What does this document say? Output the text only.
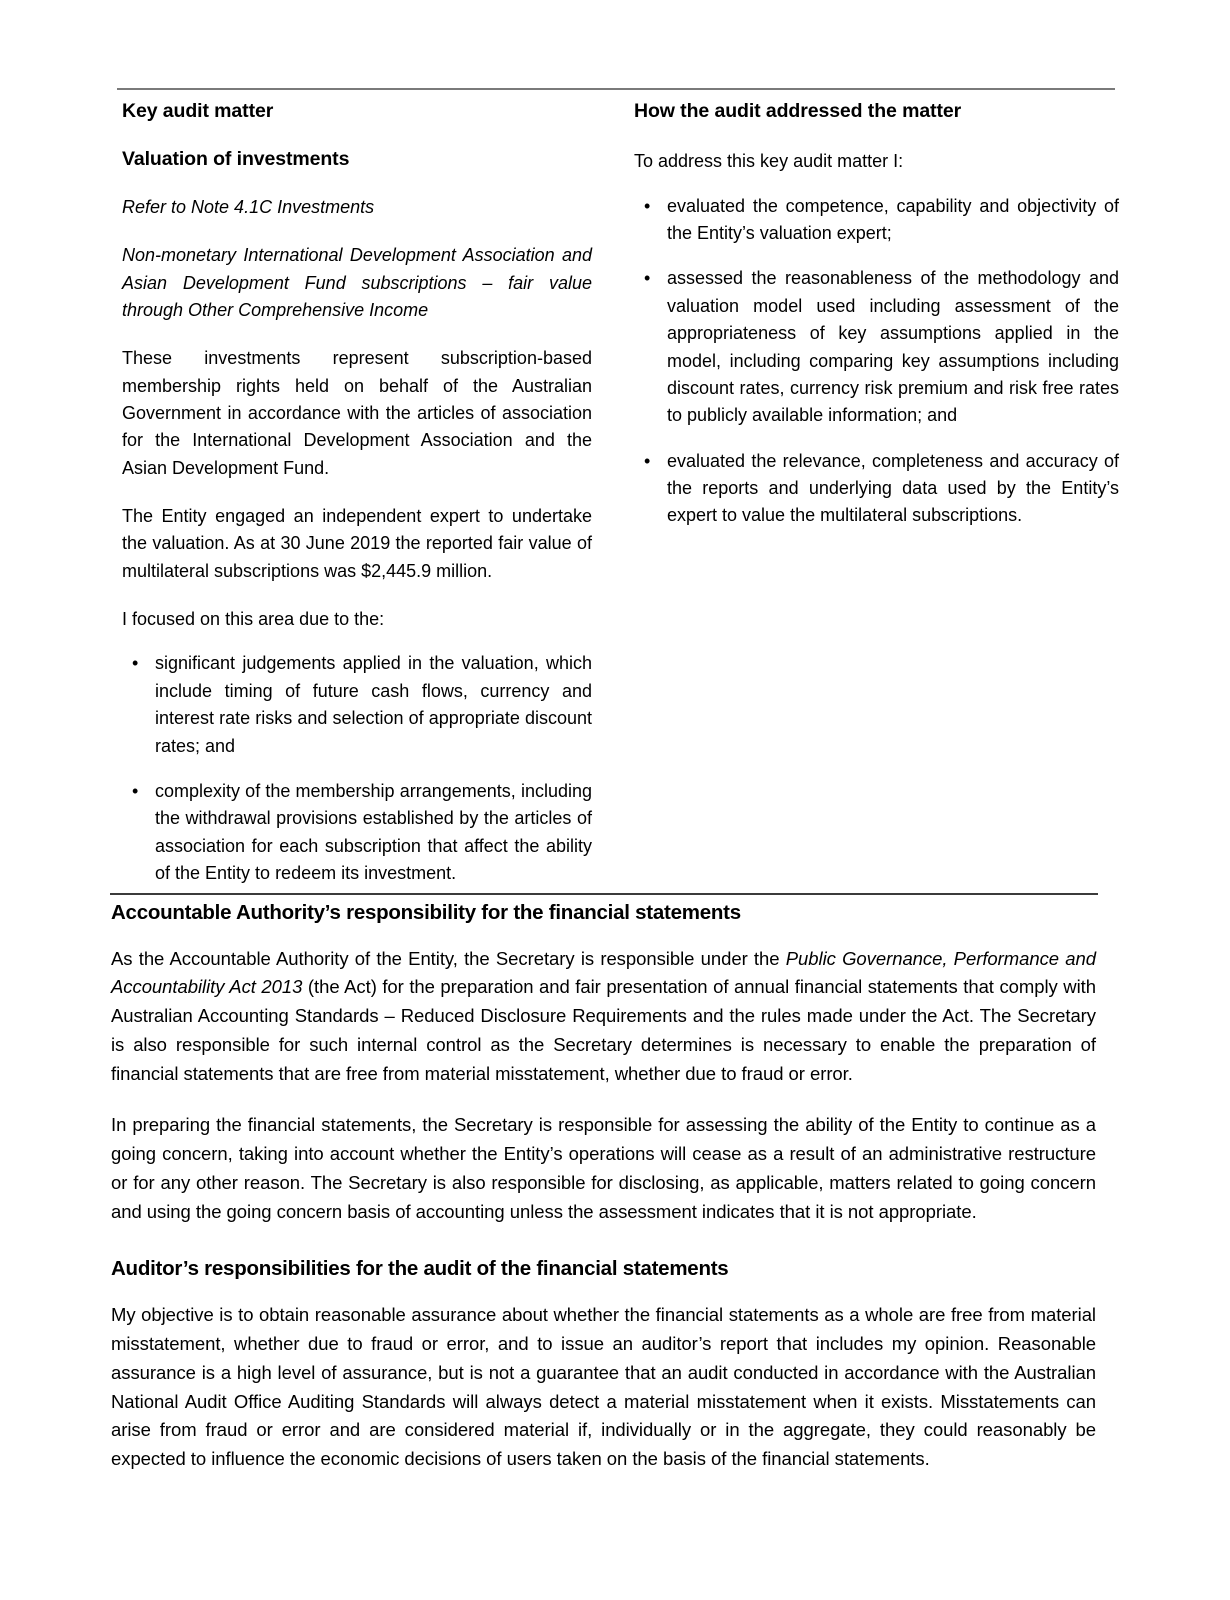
Key audit matter
Valuation of investments

Refer to Note 4.1C Investments

Non-monetary International Development Association and Asian Development Fund subscriptions – fair value through Other Comprehensive Income

These investments represent subscription-based membership rights held on behalf of the Australian Government in accordance with the articles of association for the International Development Association and the Asian Development Fund.

The Entity engaged an independent expert to undertake the valuation. As at 30 June 2019 the reported fair value of multilateral subscriptions was $2,445.9 million.

I focused on this area due to the:

• significant judgements applied in the valuation, which include timing of future cash flows, currency and interest rate risks and selection of appropriate discount rates; and
• complexity of the membership arrangements, including the withdrawal provisions established by the articles of association for each subscription that affect the ability of the Entity to redeem its investment.
How the audit addressed the matter

To address this key audit matter I:

• evaluated the competence, capability and objectivity of the Entity’s valuation expert;
• assessed the reasonableness of the methodology and valuation model used including assessment of the appropriateness of key assumptions applied in the model, including comparing key assumptions including discount rates, currency risk premium and risk free rates to publicly available information; and
• evaluated the relevance, completeness and accuracy of the reports and underlying data used by the Entity’s expert to value the multilateral subscriptions.
Accountable Authority’s responsibility for the financial statements

As the Accountable Authority of the Entity, the Secretary is responsible under the Public Governance, Performance and Accountability Act 2013 (the Act) for the preparation and fair presentation of annual financial statements that comply with Australian Accounting Standards – Reduced Disclosure Requirements and the rules made under the Act. The Secretary is also responsible for such internal control as the Secretary determines is necessary to enable the preparation of financial statements that are free from material misstatement, whether due to fraud or error.

In preparing the financial statements, the Secretary is responsible for assessing the ability of the Entity to continue as a going concern, taking into account whether the Entity’s operations will cease as a result of an administrative restructure or for any other reason. The Secretary is also responsible for disclosing, as applicable, matters related to going concern and using the going concern basis of accounting unless the assessment indicates that it is not appropriate.

Auditor’s responsibilities for the audit of the financial statements

My objective is to obtain reasonable assurance about whether the financial statements as a whole are free from material misstatement, whether due to fraud or error, and to issue an auditor’s report that includes my opinion. Reasonable assurance is a high level of assurance, but is not a guarantee that an audit conducted in accordance with the Australian National Audit Office Auditing Standards will always detect a material misstatement when it exists. Misstatements can arise from fraud or error and are considered material if, individually or in the aggregate, they could reasonably be expected to influence the economic decisions of users taken on the basis of the financial statements.
